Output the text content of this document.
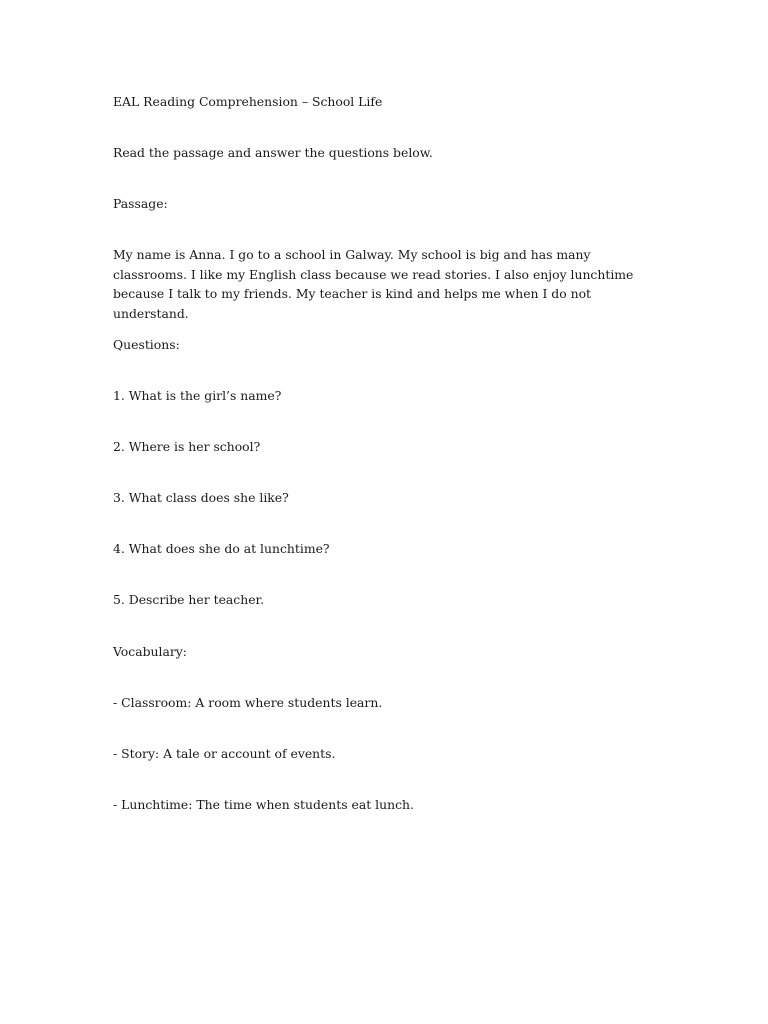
EAL Reading Comprehension – School Life

Read the passage and answer the questions below.

Passage:

My name is Anna. I go to a school in Galway. My school is big and has many classrooms. I like my English class because we read stories. I also enjoy lunchtime because I talk to my friends. My teacher is kind and helps me when I do not understand.

Questions:

1. What is the girl’s name?

2. Where is her school?

3. What class does she like?

4. What does she do at lunchtime?

5. Describe her teacher.

Vocabulary:

- Classroom: A room where students learn.

- Story: A tale or account of events.

- Lunchtime: The time when students eat lunch.
